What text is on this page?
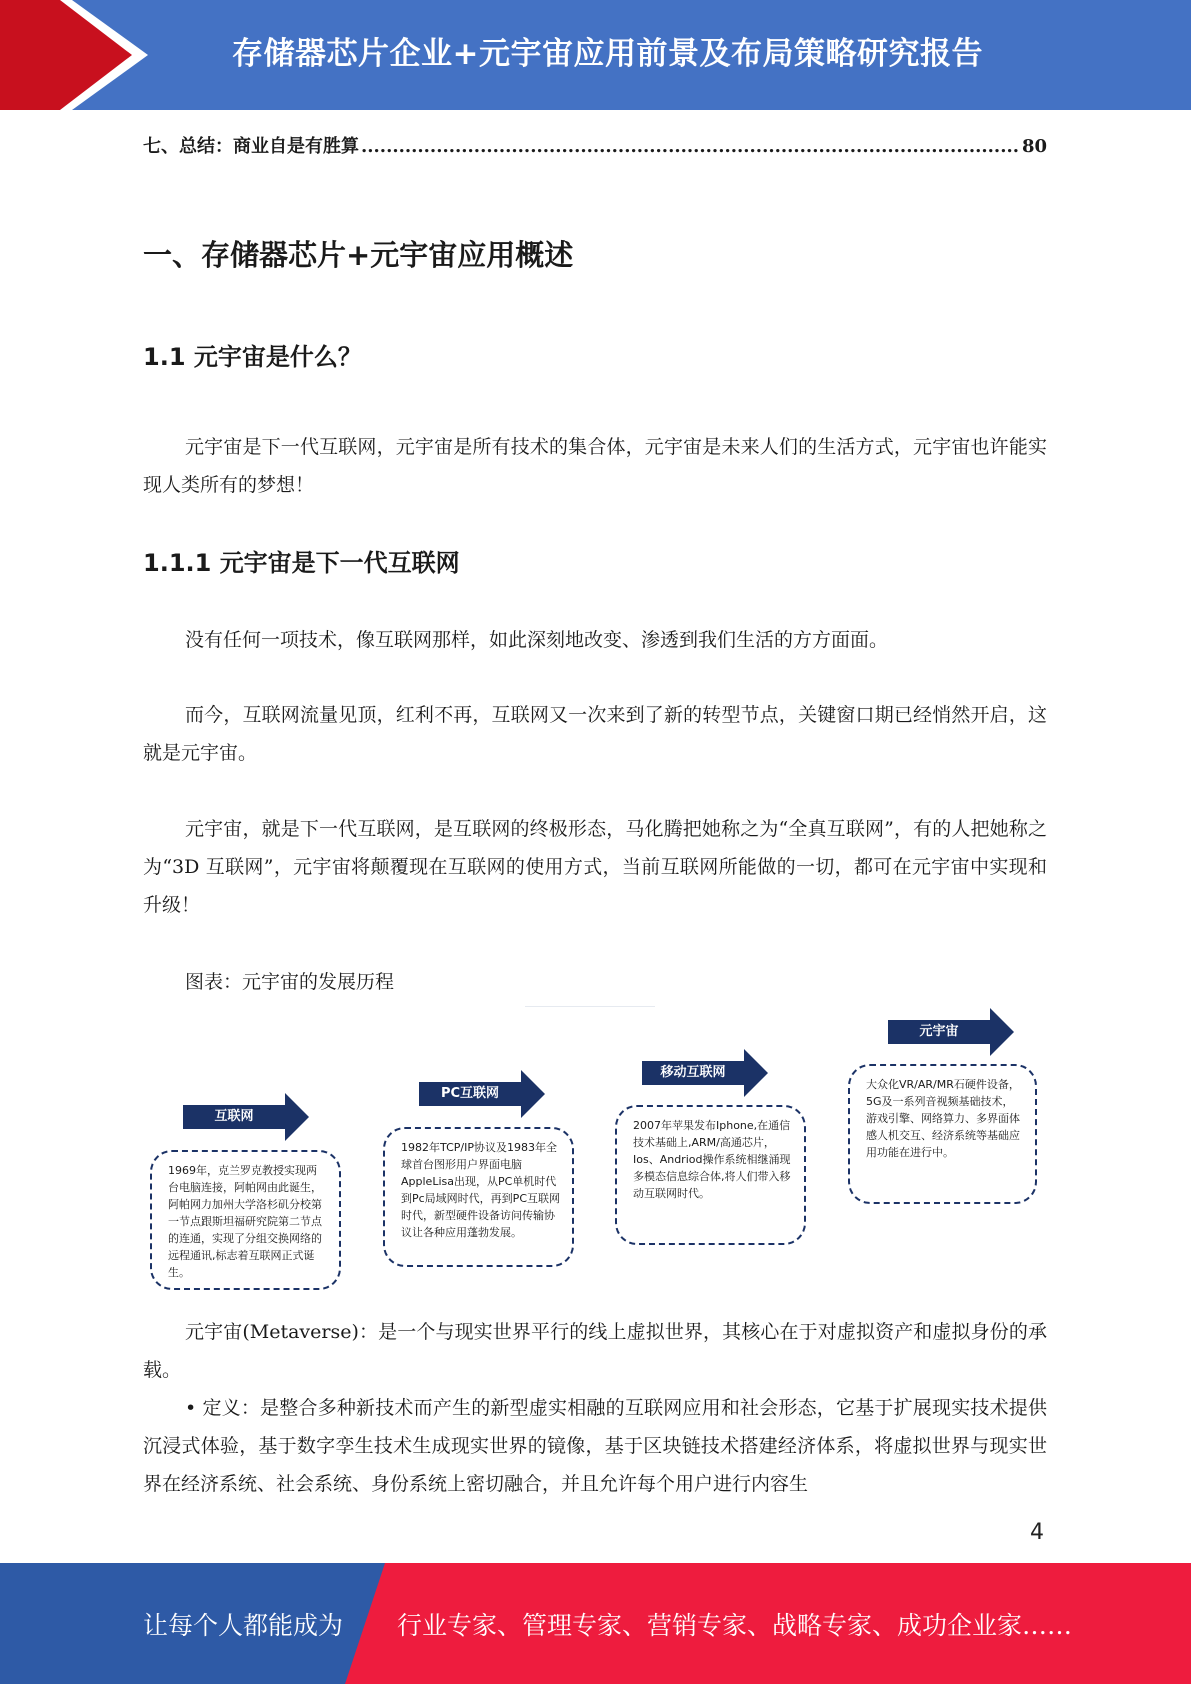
存储器芯片企业+元宇宙应用前景及布局策略研究报告
七、总结：商业自是有胜算
.....	80
一、存储器芯片+元宇宙应用概述
1.1 元宇宙是什么？
元宇宙是下一代互联网，元宇宙是所有技术的集合体，元宇宙是未来人们的生活方式，元宇宙也许能实现人类所有的梦想！
1.1.1 元宇宙是下一代互联网
没有任何一项技术，像互联网那样，如此深刻地改变、渗透到我们生活的方方面面。
而今，互联网流量见顶，红利不再，互联网又一次来到了新的转型节点，关键窗口期已经悄然开启，这就是元宇宙。
元宇宙，就是下一代互联网，是互联网的终极形态，马化腾把她称之为“全真互联网”，有的人把她称之为“3D 互联网”，元宇宙将颠覆现在互联网的使用方式，当前互联网所能做的一切，都可在元宇宙中实现和升级！
图表：元宇宙的发展历程
互联网
1969年，克兰罗克教授实现两台电脑连接，阿帕网由此诞生，阿帕网力加州大学洛杉矶分校第一节点跟斯坦福研究院第二节点的连通，实现了分组交换网络的远程通讯,标志着互联网正式诞生。
PC互联网
1982年TCP/IP协议及1983年全球首台图形用户界面电脑AppleLisa出现，从PC单机时代到Pc局域网时代，再到PC互联网时代，新型硬件设备访问传输协议让各种应用蓬勃发展。
移动互联网
2007年苹果发布Iphone,在通信技术基础上,ARM/高通芯片，Ios、Andriod操作系统相继涌现多模态信息综合体,将人们带入移动互联网时代。
元宇宙
大众化VR/AR/MR石硬件设备，5G及一系列音视频基础技术，游戏引擎、网络算力、多界面体感人机交互、经济系统等基础应用功能在进行中。
元宇宙(Metaverse)：是一个与现实世界平行的线上虚拟世界，其核心在于对虚拟资产和虚拟身份的承载。
• 定义：是整合多种新技术而产生的新型虚实相融的互联网应用和社会形态，它基于扩展现实技术提供沉浸式体验，基于数字孪生技术生成现实世界的镜像，基于区块链技术搭建经济体系，将虚拟世界与现实世界在经济系统、社会系统、身份系统上密切融合，并且允许每个用户进行内容生
4
让每个人都能成为 行业专家、管理专家、营销专家、战略专家、成功企业家……
